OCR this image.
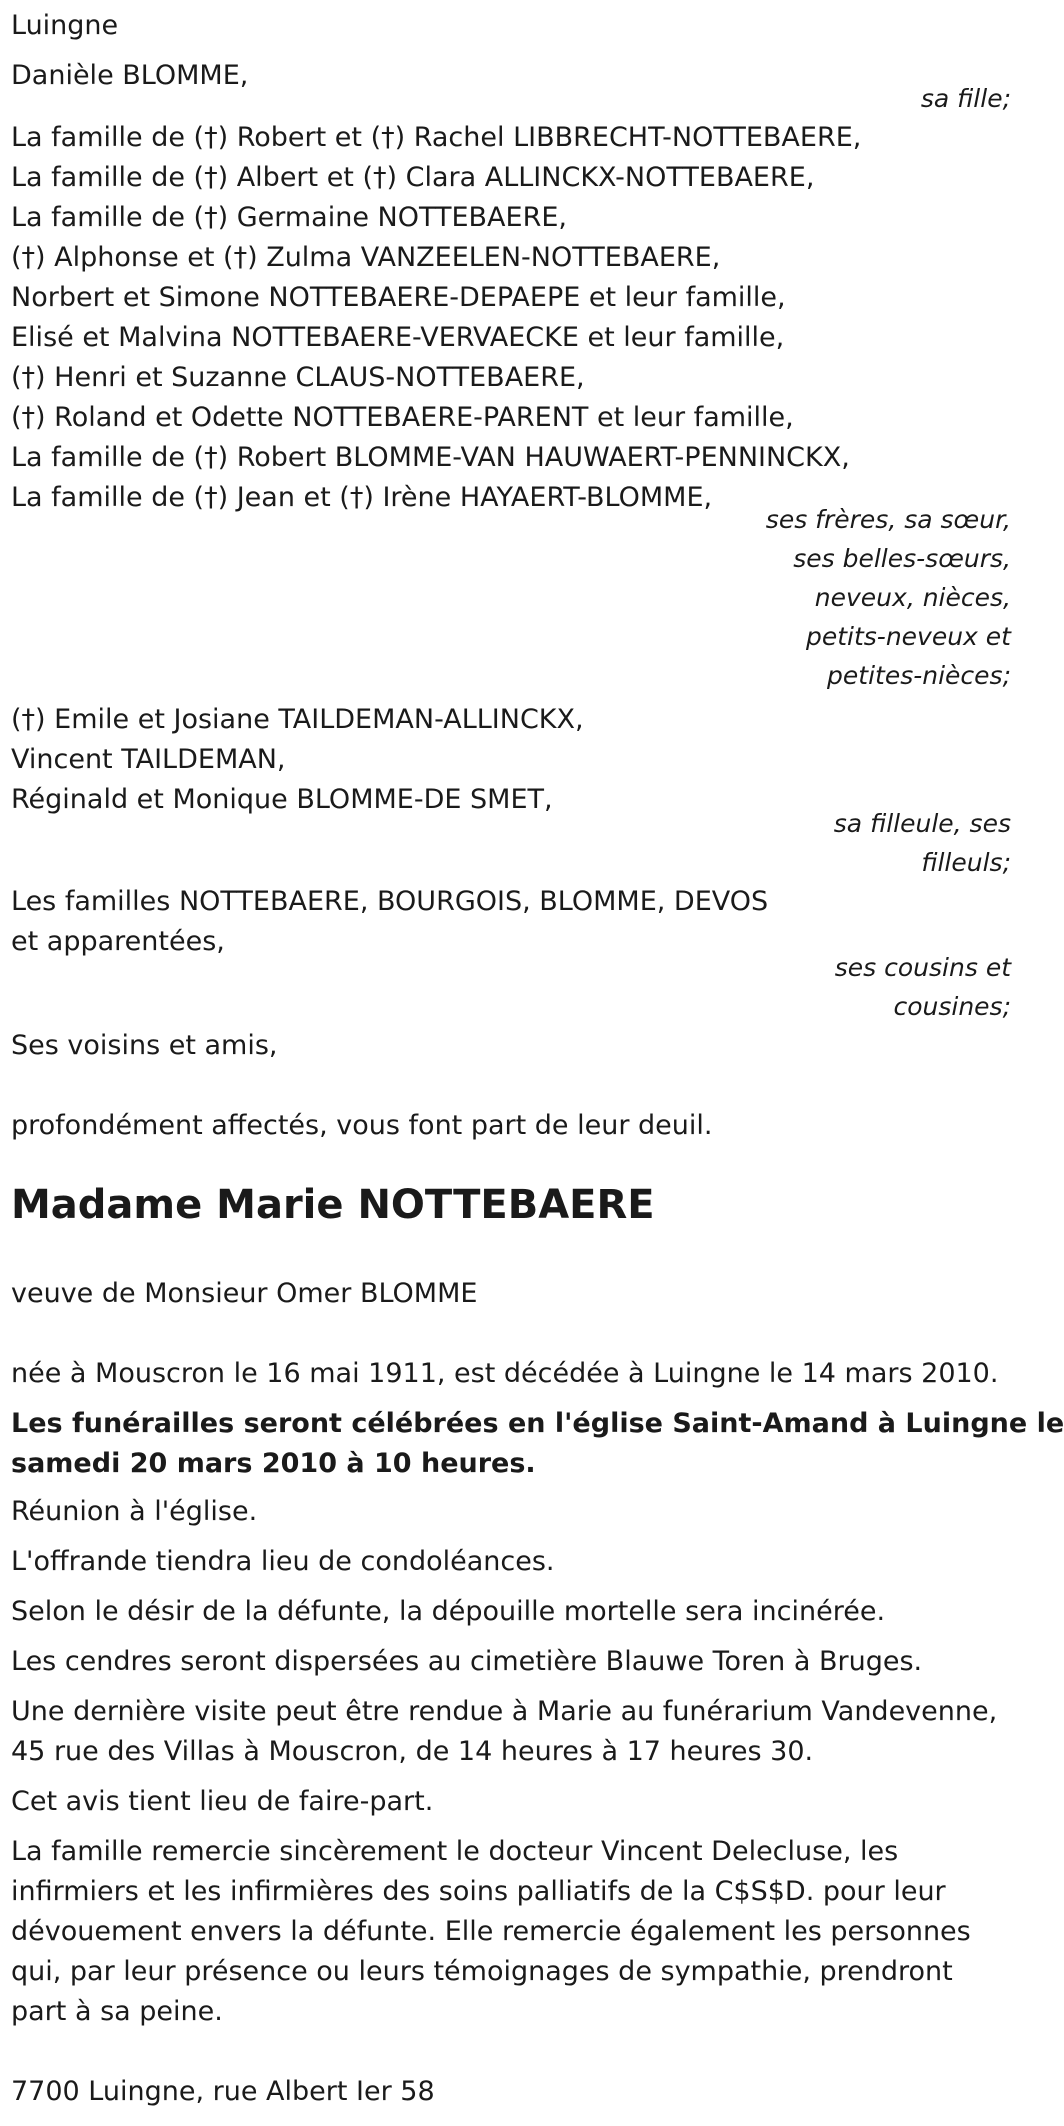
Luingne
Danièle BLOMME,
sa fille;
La famille de (†) Robert et (†) Rachel LIBBRECHT-NOTTEBAERE,
La famille de (†) Albert et (†) Clara ALLINCKX-NOTTEBAERE,
La famille de (†) Germaine NOTTEBAERE,
(†) Alphonse et (†) Zulma VANZEELEN-NOTTEBAERE,
Norbert et Simone NOTTEBAERE-DEPAEPE et leur famille,
Elisé et Malvina NOTTEBAERE-VERVAECKE et leur famille,
(†) Henri et Suzanne CLAUS-NOTTEBAERE,
(†) Roland et Odette NOTTEBAERE-PARENT et leur famille,
La famille de (†) Robert BLOMME-VAN HAUWAERT-PENNINCKX,
La famille de (†) Jean et (†) Irène HAYAERT-BLOMME,
ses frères, sa sœur,
ses belles-sœurs,
neveux, nièces,
petits-neveux et
petites-nièces;
(†) Emile et Josiane TAILDEMAN-ALLINCKX,
Vincent TAILDEMAN,
Réginald et Monique BLOMME-DE SMET,
sa filleule, ses
filleuls;
Les familles NOTTEBAERE, BOURGOIS, BLOMME, DEVOS
et apparentées,
ses cousins et
cousines;
Ses voisins et amis,
profondément affectés, vous font part de leur deuil.
Madame Marie NOTTEBAERE
veuve de Monsieur Omer BLOMME
née à Mouscron le 16 mai 1911, est décédée à Luingne le 14 mars 2010.
Les funérailles seront célébrées en l'église Saint-Amand à Luingne le
samedi 20 mars 2010 à 10 heures.
Réunion à l'église.
L'offrande tiendra lieu de condoléances.
Selon le désir de la défunte, la dépouille mortelle sera incinérée.
Les cendres seront dispersées au cimetière Blauwe Toren à Bruges.
Une dernière visite peut être rendue à Marie au funérarium Vandevenne,
45 rue des Villas à Mouscron, de 14 heures à 17 heures 30.
Cet avis tient lieu de faire-part.
La famille remercie sincèrement le docteur Vincent Delecluse, les
infirmiers et les infirmières des soins palliatifs de la C$S$D. pour leur
dévouement envers la défunte. Elle remercie également les personnes
qui, par leur présence ou leurs témoignages de sympathie, prendront
part à sa peine.
7700 Luingne, rue Albert Ier 58
